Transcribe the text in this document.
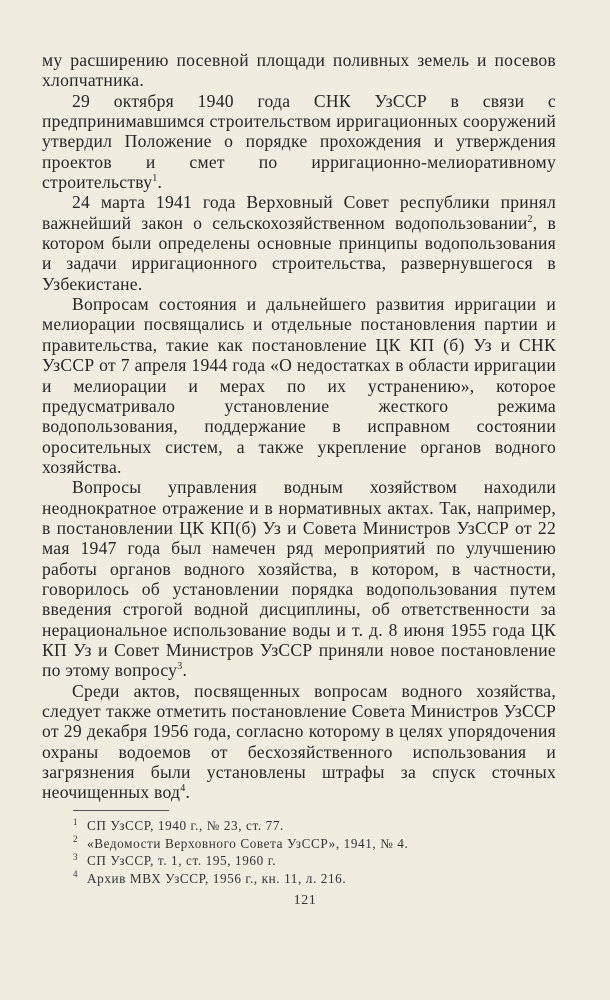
му расширению посевной площади поливных земель и посевов хлопчатника.

29 октября 1940 года СНК УзССР в связи с предпринимавшимся строительством ирригационных сооружений утвердил Положение о порядке прохождения и утверждения проектов и смет по ирригационно-мелиоративному строительству$^1$.

24 марта 1941 года Верховный Совет республики принял важнейший закон о сельскохозяйственном водопользовании$^2$, в котором были определены основные принципы водопользования и задачи ирригационного строительства, развернувшегося в Узбекистане.

Вопросам состояния и дальнейшего развития ирригации и мелиорации посвящались и отдельные постановления партии и правительства, такие как постановление ЦК КП (б) Уз и СНК УзССР от 7 апреля 1944 года «О недостатках в области ирригации и мелиорации и мерах по их устранению», которое предусматривало установление жесткого режима водопользования, поддержание в исправном состоянии оросительных систем, а также укрепление органов водного хозяйства.

Вопросы управления водным хозяйством находили неоднократное отражение и в нормативных актах. Так, например, в постановлении ЦК КП(б) Уз и Совета Министров УзССР от 22 мая 1947 года был намечен ряд мероприятий по улучшению работы органов водного хозяйства, в котором, в частности, говорилось об установлении порядка водопользования путем введения строгой водной дисциплины, об ответственности за нерациональное использование воды и т. д. 8 июня 1955 года ЦК КП Уз и Совет Министров УзССР приняли новое постановление по этому вопросу$^3$.

Среди актов, посвященных вопросам водного хозяйства, следует также отметить постановление Совета Министров УзССР от 29 декабря 1956 года, согласно которому в целях упорядочения охраны водоемов от бесхозяйственного использования и загрязнения были установлены штрафы за спуск сточных неочищенных вод$^4$.

1 СП УзССР, 1940 г., № 23, ст. 77.
2 «Ведомости Верховного Совета УзССР», 1941, № 4.
3 СП УзССР, т. 1, ст. 195, 1960 г.
4 Архив МВХ УзССР, 1956 г., кн. 11, л. 216.
121
